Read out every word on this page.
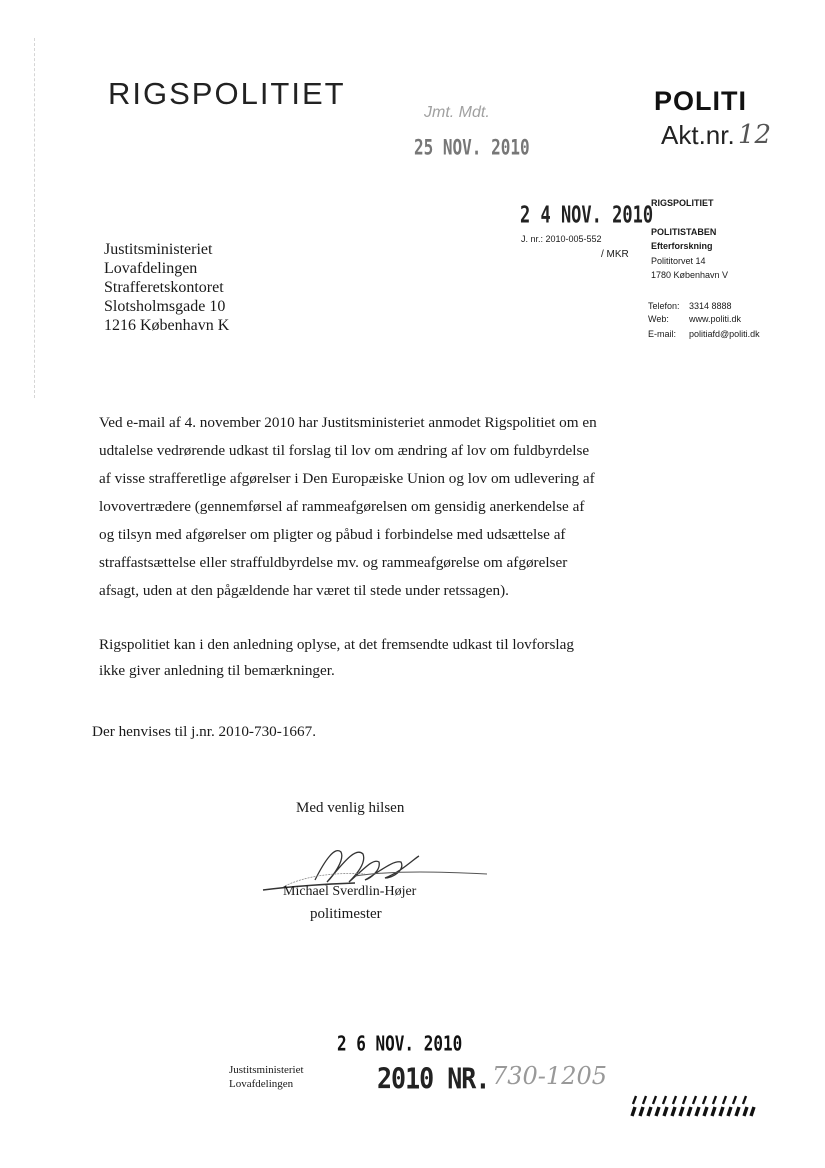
RIGSPOLITIET	POLITI
Akt.nr. 12
Jmt. Mdt.
25 NOV. 2010
2 4 NOV. 2010
J. nr.: 2010-005-552
/ MKR
RIGSPOLITIET
POLITISTABEN
Efterforskning
Polititorvet 14
1780 København V
Telefon: 3314 8888
Web: www.politi.dk
E-mail: politiafd@politi.dk
Justitsministeriet
Lovafdelingen
Strafferetskontoret
Slotsholmsgade 10
1216 København K
Ved e-mail af 4. november 2010 har Justitsministeriet anmodet Rigspolitiet om en
udtalelse vedrørende udkast til forslag til lov om ændring af lov om fuldbyrdelse
af visse strafferetlige afgørelser i Den Europæiske Union og lov om udlevering af
lovovertrædere (gennemførsel af rammeafgørelsen om gensidig anerkendelse af
og tilsyn med afgørelser om pligter og påbud i forbindelse med udsættelse af
straffastsættelse eller straffuldbyrdelse mv. og rammeafgørelse om afgørelser
afsagt, uden at den pågældende har været til stede under retssagen).
Rigspolitiet kan i den anledning oplyse, at det fremsendte udkast til lovforslag
ikke giver anledning til bemærkninger.
Der henvises til j.nr. 2010-730-1667.
Med venlig hilsen
Michael Sverdlin-Højer
politimester
2 6 NOV. 2010
Justitsministeriet
Lovafdelingen	2010 NR. 730-1205
